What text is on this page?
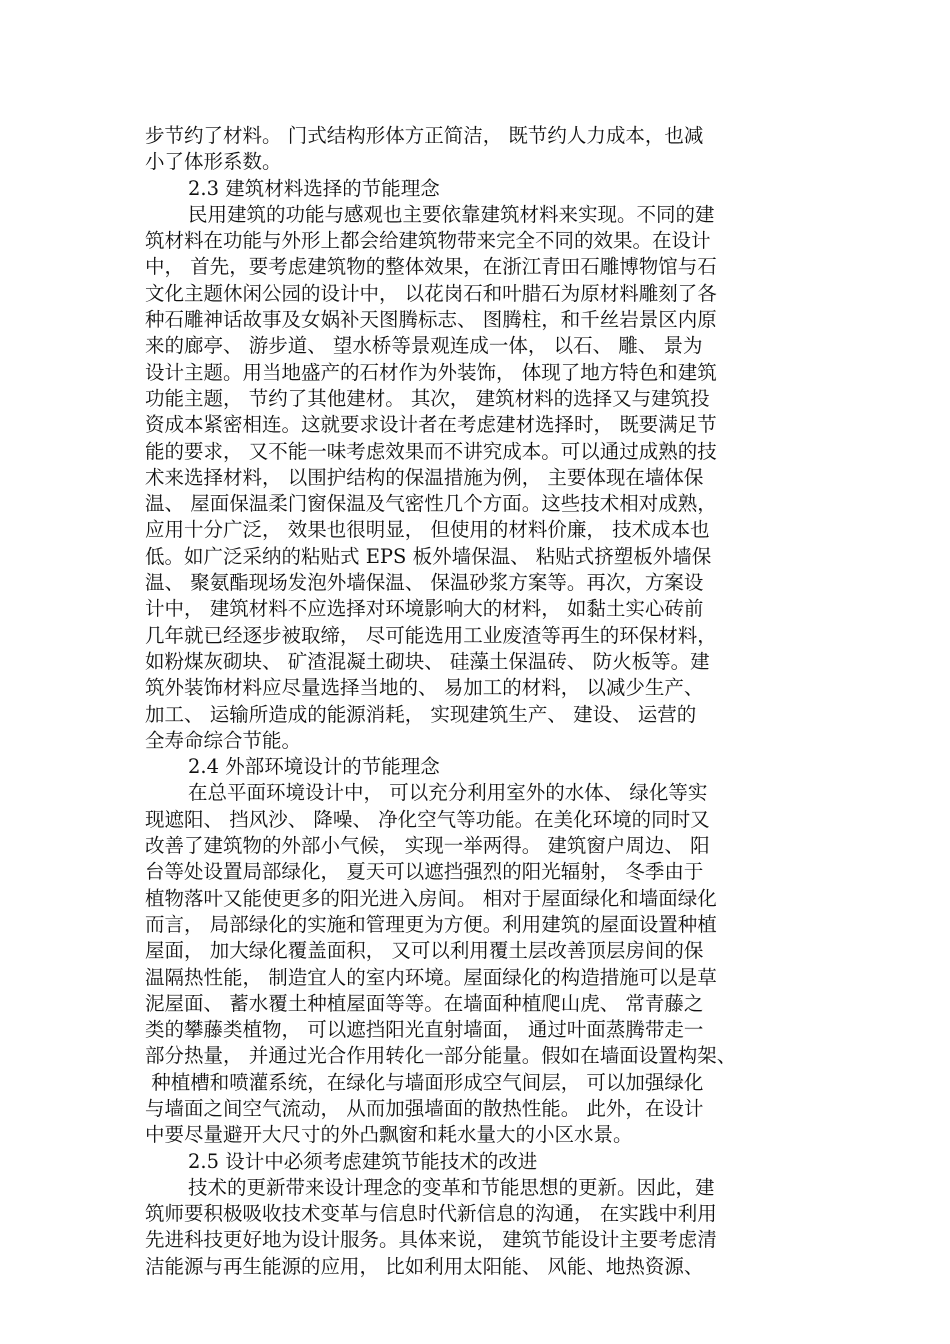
步节约了材料。 门式结构形体方正简洁， 既节约人力成本，也减
小了体形系数。
2.3 建筑材料选择的节能理念
民用建筑的功能与感观也主要依靠建筑材料来实现。不同的建
筑材料在功能与外形上都会给建筑物带来完全不同的效果。在设计
中， 首先，要考虑建筑物的整体效果，在浙江青田石雕博物馆与石
文化主题休闲公园的设计中， 以花岗石和叶腊石为原材料雕刻了各
种石雕神话故事及女娲补天图腾标志、 图腾柱，和千丝岩景区内原
来的廊亭、 游步道、 望水桥等景观连成一体， 以石、 雕、 景为
设计主题。用当地盛产的石材作为外装饰， 体现了地方特色和建筑
功能主题， 节约了其他建材。 其次， 建筑材料的选择又与建筑投
资成本紧密相连。这就要求设计者在考虑建材选择时， 既要满足节
能的要求， 又不能一味考虑效果而不讲究成本。可以通过成熟的技
术来选择材料， 以围护结构的保温措施为例， 主要体现在墙体保
温、 屋面保温柔门窗保温及气密性几个方面。这些技术相对成熟，
应用十分广泛， 效果也很明显， 但使用的材料价廉， 技术成本也
低。如广泛采纳的粘贴式 EPS 板外墙保温、 粘贴式挤塑板外墙保
温、 聚氨酯现场发泡外墙保温、 保温砂浆方案等。再次，方案设
计中， 建筑材料不应选择对环境影响大的材料， 如黏土实心砖前
几年就已经逐步被取缔， 尽可能选用工业废渣等再生的环保材料，
如粉煤灰砌块、 矿渣混凝土砌块、 硅藻土保温砖、 防火板等。建
筑外装饰材料应尽量选择当地的、 易加工的材料， 以减少生产、
加工、 运输所造成的能源消耗， 实现建筑生产、 建设、 运营的
全寿命综合节能。
2.4 外部环境设计的节能理念
在总平面环境设计中， 可以充分利用室外的水体、 绿化等实
现遮阳、 挡风沙、 降噪、 净化空气等功能。在美化环境的同时又
改善了建筑物的外部小气候， 实现一举两得。 建筑窗户周边、 阳
台等处设置局部绿化， 夏天可以遮挡强烈的阳光辐射， 冬季由于
植物落叶又能使更多的阳光进入房间。 相对于屋面绿化和墙面绿化
而言， 局部绿化的实施和管理更为方便。利用建筑的屋面设置种植
屋面， 加大绿化覆盖面积， 又可以利用覆土层改善顶层房间的保
温隔热性能， 制造宜人的室内环境。屋面绿化的构造措施可以是草
泥屋面、 蓄水覆土种植屋面等等。在墙面种植爬山虎、 常青藤之
类的攀藤类植物， 可以遮挡阳光直射墙面， 通过叶面蒸腾带走一
部分热量， 并通过光合作用转化一部分能量。假如在墙面设置构架、
种植槽和喷灌系统，在绿化与墙面形成空气间层， 可以加强绿化
与墙面之间空气流动， 从而加强墙面的散热性能。 此外，在设计
中要尽量避开大尺寸的外凸飘窗和耗水量大的小区水景。
2.5 设计中必须考虑建筑节能技术的改进
技术的更新带来设计理念的变革和节能思想的更新。因此，建
筑师要积极吸收技术变革与信息时代新信息的沟通， 在实践中利用
先进科技更好地为设计服务。具体来说， 建筑节能设计主要考虑清
洁能源与再生能源的应用， 比如利用太阳能、 风能、地热资源、
